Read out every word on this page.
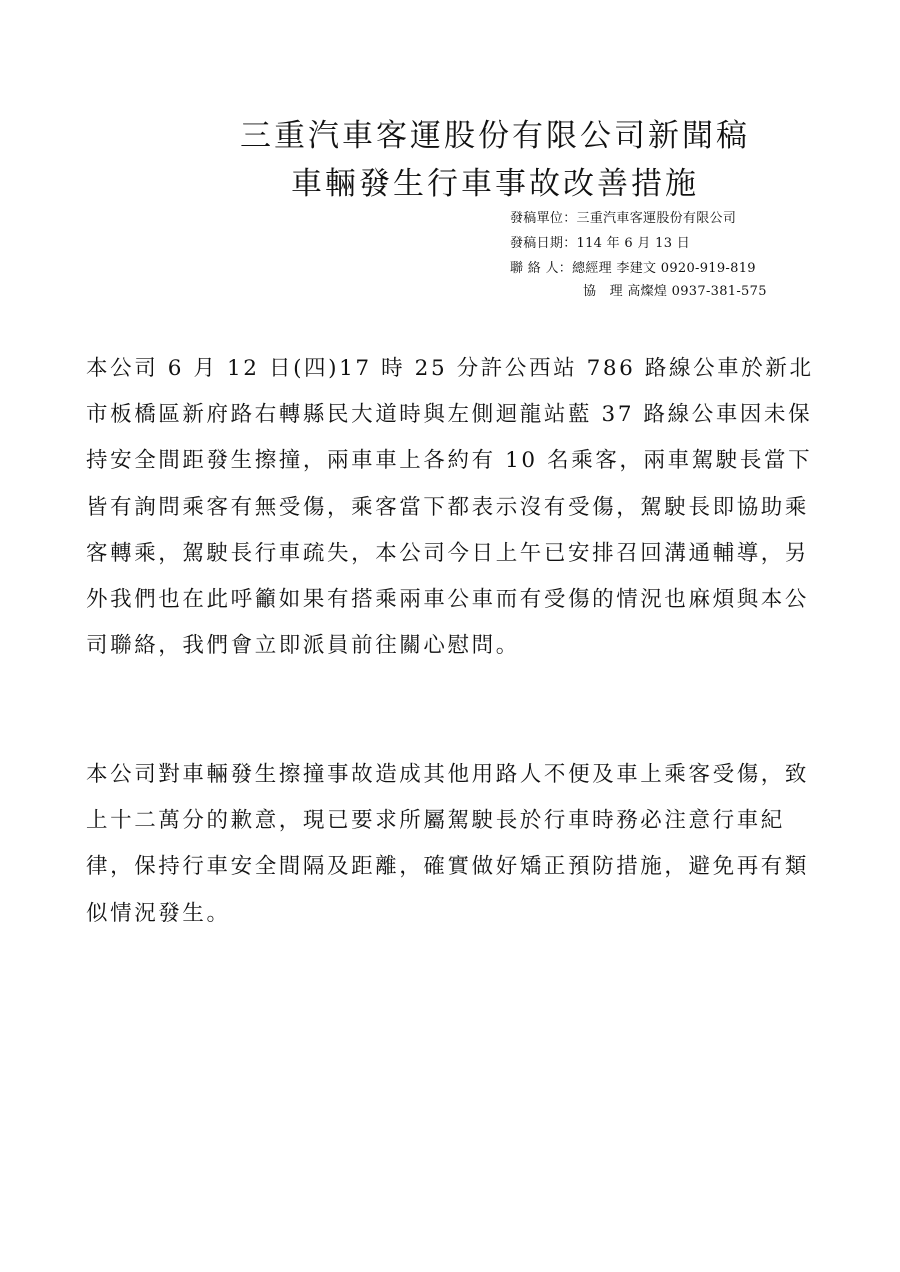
三重汽車客運股份有限公司新聞稿
車輛發生行車事故改善措施
發稿單位：三重汽車客運股份有限公司
發稿日期：114 年 6 月 13 日
聯 絡 人：總經理 李建文 0920-919-819
協　理 高燦煌 0937-381-575

本公司 6 月 12 日(四)17 時 25 分許公西站 786 路線公車於新北市板橋區新府路右轉縣民大道時與左側迴龍站藍 37 路線公車因未保持安全間距發生擦撞，兩車車上各約有 10 名乘客，兩車駕駛長當下皆有詢問乘客有無受傷，乘客當下都表示沒有受傷，駕駛長即協助乘客轉乘，駕駛長行車疏失，本公司今日上午已安排召回溝通輔導，另外我們也在此呼籲如果有搭乘兩車公車而有受傷的情況也麻煩與本公司聯絡，我們會立即派員前往關心慰問。

本公司對車輛發生擦撞事故造成其他用路人不便及車上乘客受傷，致上十二萬分的歉意，現已要求所屬駕駛長於行車時務必注意行車紀律，保持行車安全間隔及距離，確實做好矯正預防措施，避免再有類似情況發生。
